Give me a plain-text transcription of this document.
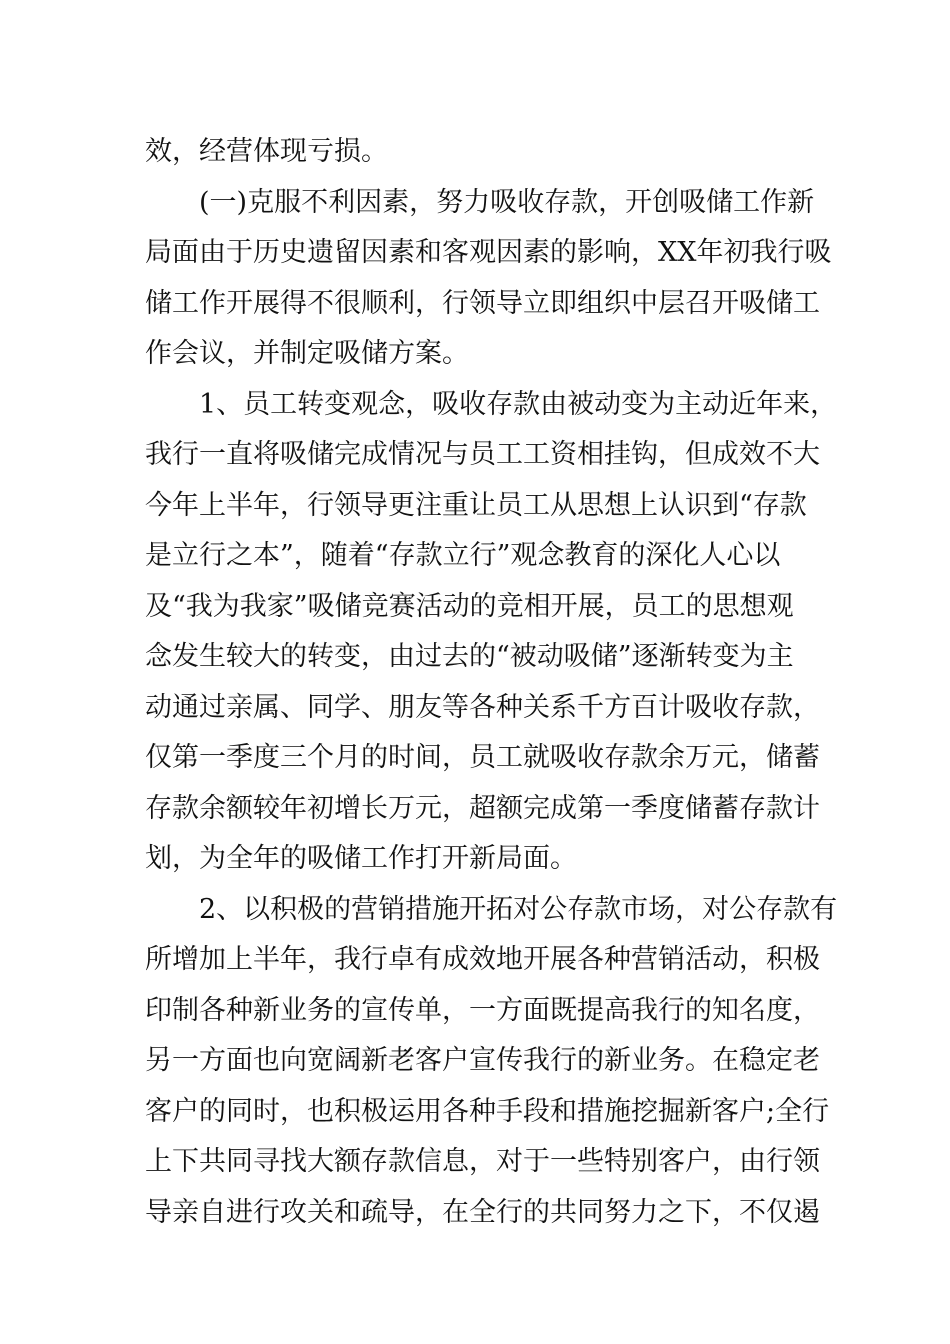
效，经营体现亏损。
(一)克服不利因素，努力吸收存款，开创吸储工作新
局面由于历史遗留因素和客观因素的影响，XX年初我行吸
储工作开展得不很顺利，行领导立即组织中层召开吸储工
作会议，并制定吸储方案。
1、员工转变观念，吸收存款由被动变为主动近年来，
我行一直将吸储完成情况与员工工资相挂钩，但成效不大
今年上半年，行领导更注重让员工从思想上认识到“存款
是立行之本”，随着“存款立行”观念教育的深化人心以
及“我为我家”吸储竞赛活动的竞相开展，员工的思想观
念发生较大的转变，由过去的“被动吸储”逐渐转变为主
动通过亲属、同学、朋友等各种关系千方百计吸收存款，
仅第一季度三个月的时间，员工就吸收存款余万元，储蓄
存款余额较年初增长万元，超额完成第一季度储蓄存款计
划，为全年的吸储工作打开新局面。
2、以积极的营销措施开拓对公存款市场，对公存款有
所增加上半年，我行卓有成效地开展各种营销活动，积极
印制各种新业务的宣传单，一方面既提高我行的知名度，
另一方面也向宽阔新老客户宣传我行的新业务。在稳定老
客户的同时，也积极运用各种手段和措施挖掘新客户;全行
上下共同寻找大额存款信息，对于一些特别客户，由行领
导亲自进行攻关和疏导，在全行的共同努力之下，不仅遏
